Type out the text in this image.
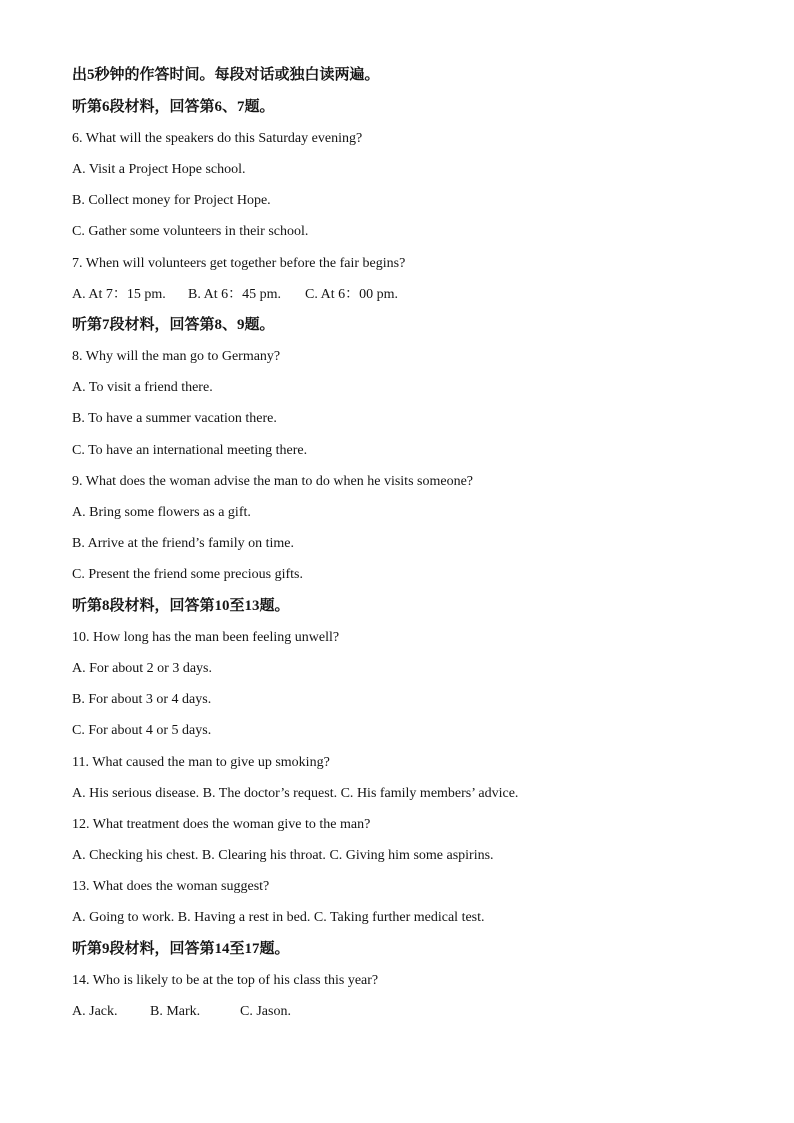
出5秒钟的作答时间。每段对话或独白读两遍。
听第6段材料，回答第6、7题。
6. What will the speakers do this Saturday evening?
A. Visit a Project Hope school.
B. Collect money for Project Hope.
C. Gather some volunteers in their school.
7. When will volunteers get together before the fair begins?
A. At 7：15 pm.	B. At 6：45 pm.	C. At 6：00 pm.
听第7段材料，回答第8、9题。
8. Why will the man go to Germany?
A. To visit a friend there.
B. To have a summer vacation there.
C. To have an international meeting there.
9. What does the woman advise the man to do when he visits someone?
A. Bring some flowers as a gift.
B. Arrive at the friend’s family on time.
C. Present the friend some precious gifts.
听第8段材料，回答第10至13题。
10. How long has the man been feeling unwell?
A. For about 2 or 3 days.
B. For about 3 or 4 days.
C. For about 4 or 5 days.
11. What caused the man to give up smoking?
A. His serious disease. B. The doctor’s request. C. His family members’ advice.
12. What treatment does the woman give to the man?
A. Checking his chest. B. Clearing his throat. C. Giving him some aspirins.
13. What does the woman suggest?
A. Going to work. B. Having a rest in bed. C. Taking further medical test.
听第9段材料，回答第14至17题。
14. Who is likely to be at the top of his class this year?
A. Jack.	B. Mark.	C. Jason.
